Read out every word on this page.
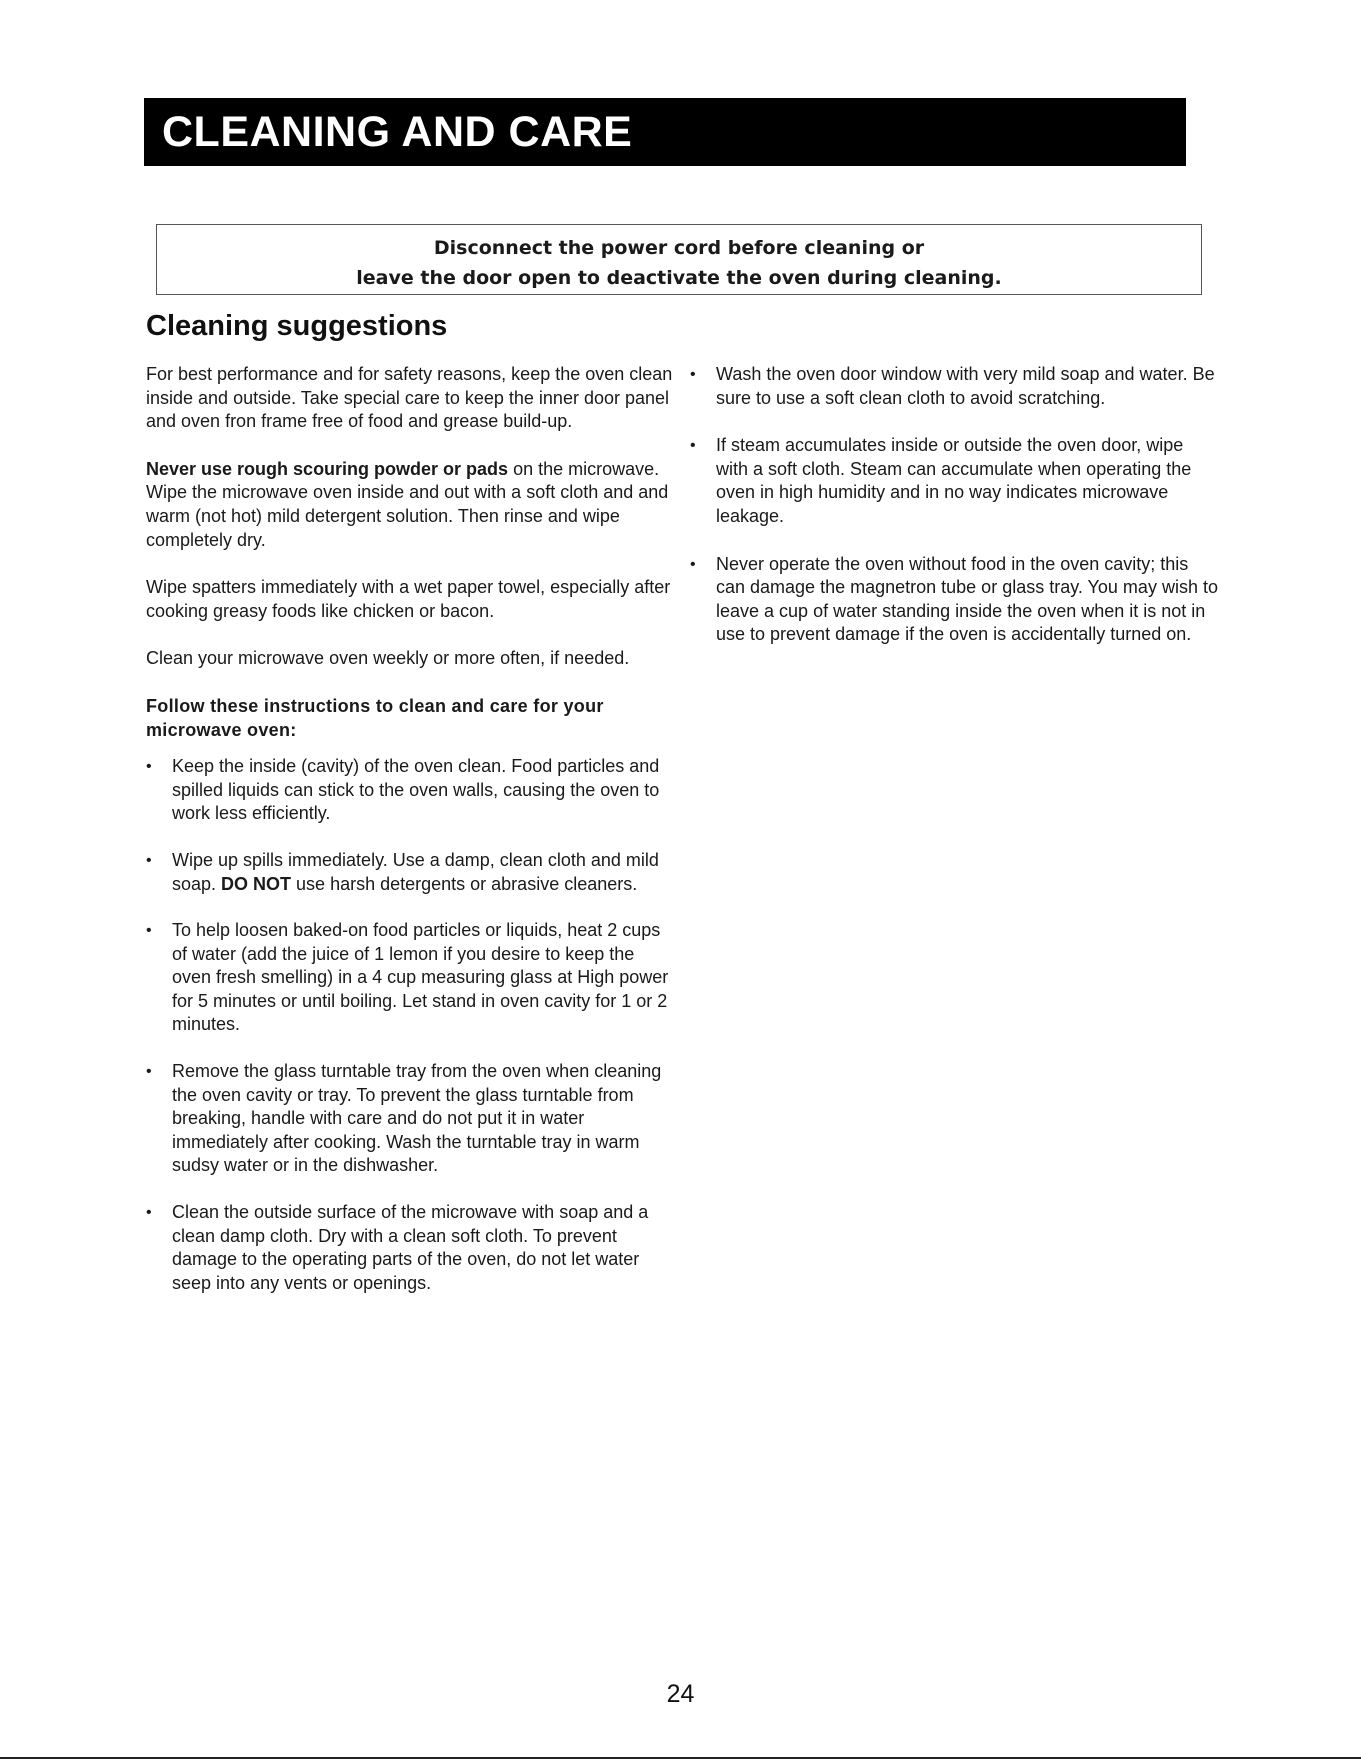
CLEANING AND CARE
Disconnect the power cord before cleaning or
leave the door open to deactivate the oven during cleaning.
Cleaning suggestions

For best performance and for safety reasons, keep the oven clean inside and outside. Take special care to keep the inner door panel and oven fron frame free of food and grease build-up.

Never use rough scouring powder or pads on the microwave. Wipe the microwave oven inside and out with a soft cloth and and warm (not hot) mild detergent solution. Then rinse and wipe completely dry.

Wipe spatters immediately with a wet paper towel, especially after cooking greasy foods like chicken or bacon.

Clean your microwave oven weekly or more often, if needed.

Follow these instructions to clean and care for your microwave oven:

• Keep the inside (cavity) of the oven clean. Food particles and spilled liquids can stick to the oven walls, causing the oven to work less efficiently.
• Wipe up spills immediately. Use a damp, clean cloth and mild soap. DO NOT use harsh detergents or abrasive cleaners.
• To help loosen baked-on food particles or liquids, heat 2 cups of water (add the juice of 1 lemon if you desire to keep the oven fresh smelling) in a 4 cup measuring glass at High power for 5 minutes or until boiling. Let stand in oven cavity for 1 or 2 minutes.
• Remove the glass turntable tray from the oven when cleaning the oven cavity or tray. To prevent the glass turntable from breaking, handle with care and do not put it in water immediately after cooking. Wash the turntable tray in warm sudsy water or in the dishwasher.
• Clean the outside surface of the microwave with soap and a clean damp cloth. Dry with a clean soft cloth. To prevent damage to the operating parts of the oven, do not let water seep into any vents or openings.
• Wash the oven door window with very mild soap and water. Be sure to use a soft clean cloth to avoid scratching.
• If steam accumulates inside or outside the oven door, wipe with a soft cloth. Steam can accumulate when operating the oven in high humidity and in no way indicates microwave leakage.
• Never operate the oven without food in the oven cavity; this can damage the magnetron tube or glass tray. You may wish to leave a cup of water standing inside the oven when it is not in use to prevent damage if the oven is accidentally turned on.
24
